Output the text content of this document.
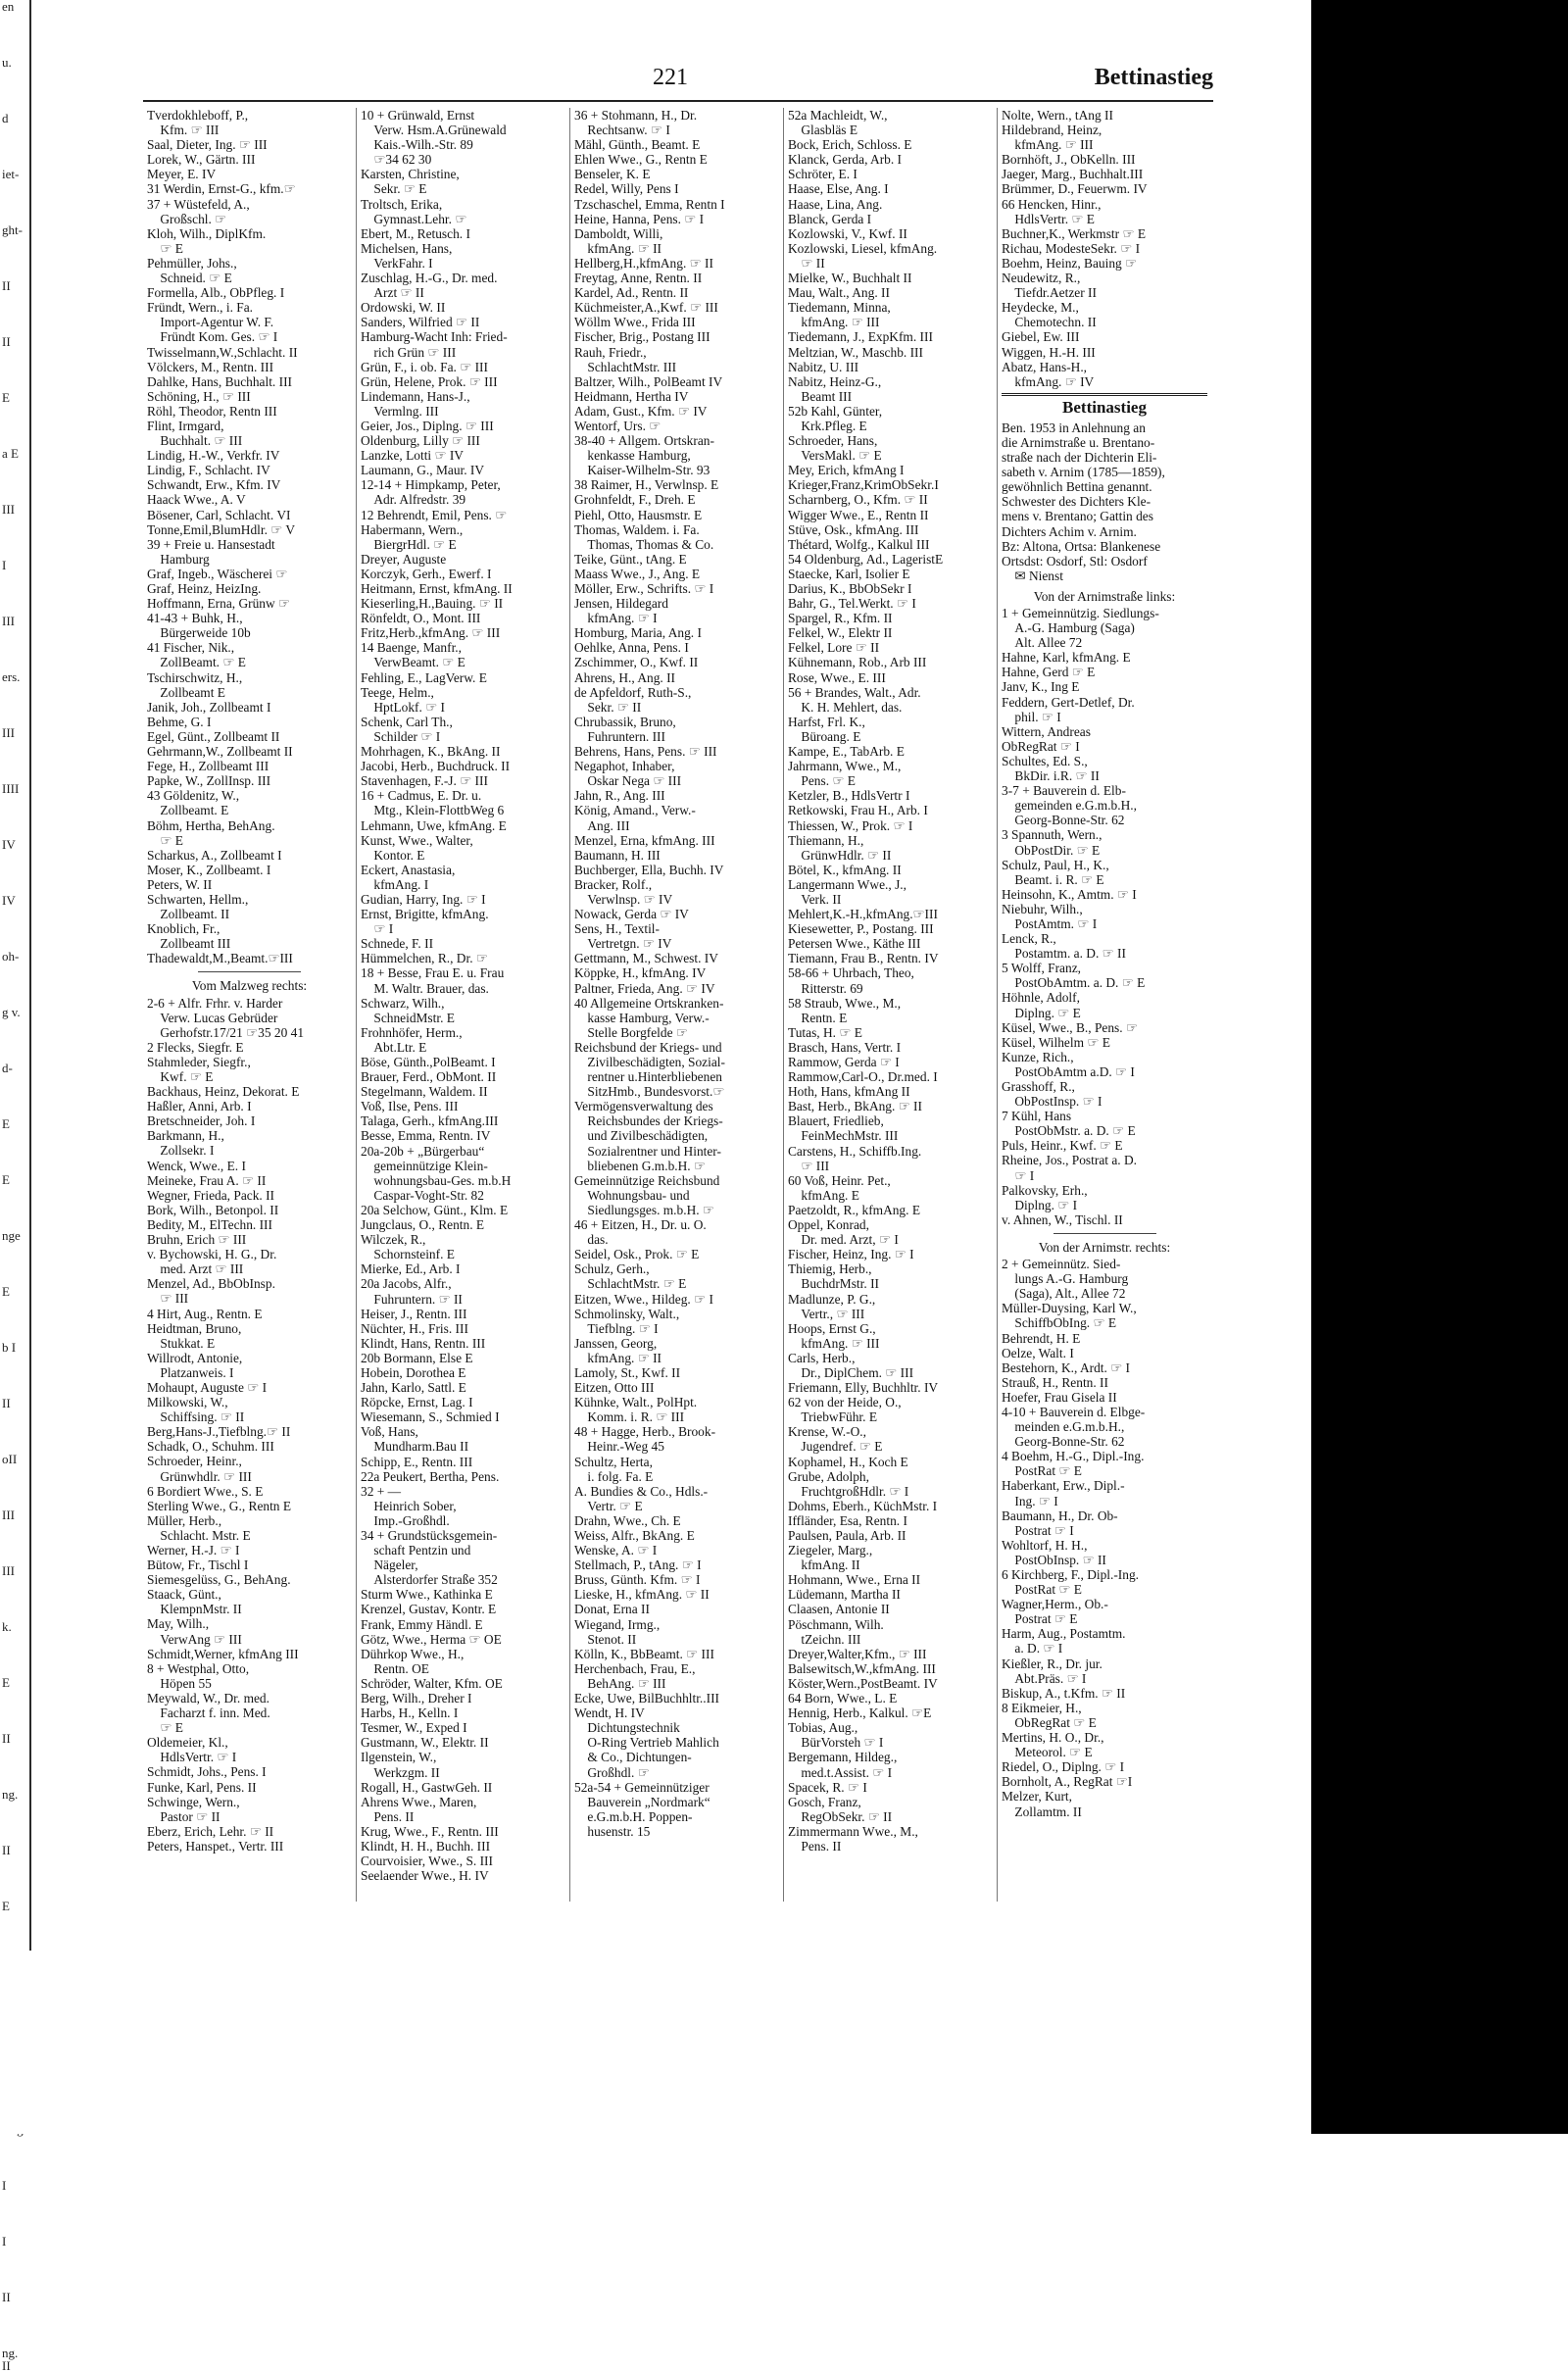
en
u.
d
iet-
ght-
II
II
E
a E
III
I
III
ers.
III
IIII
IV
IV
oh-
g v.
d-
E
E
nge
E
b I
II
oII
III
III
k.
E
II
ng.
II
E
I
I
II
ng. II
221	Bettinastieg
Tverdokhleboff, P.,
 Kfm. ☞ III
Saal, Dieter, Ing. ☞ III
Lorek, W., Gärtn. III
Meyer, E. IV
31 Werdin, Ernst-G., kfm.☞
37 + Wüstefeld, A.,
 Großschl. ☞
Kloh, Wilh., DiplKfm.
 ☞ E
Pehmüller, Johs.,
 Schneid. ☞ E
Formella, Alb., ObPfleg. I
Fründt, Wern., i. Fa.
 Import-Agentur W. F.
 Fründt Kom. Ges. ☞ I
Twisselmann,W.,Schlacht. II
Völckers, M., Rentn. III
Dahlke, Hans, Buchhalt. III
Schöning, H., ☞ III
Röhl, Theodor, Rentn III
Flint, Irmgard,
 Buchhalt. ☞ III
Lindig, H.-W., Verkfr. IV
Lindig, F., Schlacht. IV
Schwandt, Erw., Kfm. IV
Haack Wwe., A. V
Bösener, Carl, Schlacht. VI
Tonne,Emil,BlumHdlr. ☞ V
39 + Freie u. Hansestadt
 Hamburg
Graf, Ingeb., Wäscherei ☞
Graf, Heinz, HeizIng.
Hoffmann, Erna, Grünw ☞
41-43 + Buhk, H.,
 Bürgerweide 10b
41 Fischer, Nik.,
 ZollBeamt. ☞ E
Tschirschwitz, H.,
 Zollbeamt E
Janik, Joh., Zollbeamt I
Behme, G. I
Egel, Günt., Zollbeamt II
Gehrmann,W., Zollbeamt II
Fege, H., Zollbeamt III
Papke, W., ZollInsp. III
43 Göldenitz, W.,
 Zollbeamt. E
Böhm, Hertha, BehAng.
 ☞ E
Scharkus, A., Zollbeamt I
Moser, K., Zollbeamt. I
Peters, W. II
Schwarten, Hellm.,
 Zollbeamt. II
Knoblich, Fr.,
 Zollbeamt III
Thadewaldt,M.,Beamt.☞III
Vom Malzweg rechts:
2-6 + Alfr. Frhr. v. Harder
 Verw. Lucas Gebrüder
 Gerhofstr.17/21 ☞35 20 41
2 Flecks, Siegfr. E
Stahmleder, Siegfr.,
 Kwf. ☞ E
Backhaus, Heinz, Dekorat. E
Haßler, Anni, Arb. I
Bretschneider, Joh. I
Barkmann, H.,
 Zollsekr. I
Wenck, Wwe., E. I
Meineke, Frau A. ☞ II
Wegner, Frieda, Pack. II
Bork, Wilh., Betonpol. II
Bedity, M., ElTechn. III
Bruhn, Erich ☞ III
v. Bychowski, H. G., Dr.
 med. Arzt ☞ III
Menzel, Ad., BbObInsp.
 ☞ III
4 Hirt, Aug., Rentn. E
Heidtman, Bruno,
 Stukkat. E
Willrodt, Antonie,
 Platzanweis. I
Mohaupt, Auguste ☞ I
Milkowski, W.,
 Schiffsing. ☞ II
Berg,Hans-J.,Tiefblng.☞ II
Schadk, O., Schuhm. III
Schroeder, Heinr.,
 Grünwhdlr. ☞ III
6 Bordiert Wwe., S. E
Sterling Wwe., G., Rentn E
Müller, Herb.,
 Schlacht. Mstr. E
Werner, H.-J. ☞ I
Bütow, Fr., Tischl I
Siemesgelüss, G., BehAng.
Staack, Günt.,
 KlempnMstr. II
May, Wilh.,
 VerwAng ☞ III
Schmidt,Werner, kfmAng III
8 + Westphal, Otto,
 Höpen 55
Meywald, W., Dr. med.
 Facharzt f. inn. Med.
 ☞ E
Oldemeier, Kl.,
 HdlsVertr. ☞ I
Schmidt, Johs., Pens. I
Funke, Karl, Pens. II
Schwinge, Wern.,
 Pastor ☞ II
Eberz, Erich, Lehr. ☞ II
Peters, Hanspet., Vertr. III
10 + Grünwald, Ernst
 Verw. Hsm.A.Grünewald
 Kais.-Wilh.-Str. 89
 ☞34 62 30
Karsten, Christine,
 Sekr. ☞ E
Troltsch, Erika,
 Gymnast.Lehr. ☞
Ebert, M., Retusch. I
Michelsen, Hans,
 VerkFahr. I
Zuschlag, H.-G., Dr. med.
 Arzt ☞ II
Ordowski, W. II
Sanders, Wilfried ☞ II
Hamburg-Wacht Inh: Fried-
 rich Grün ☞ III
Grün, F., i. ob. Fa. ☞ III
Grün, Helene, Prok. ☞ III
Lindemann, Hans-J.,
 Vermlng. III
Geier, Jos., Diplng. ☞ III
Oldenburg, Lilly ☞ III
Lanzke, Lotti ☞ IV
Laumann, G., Maur. IV
12-14 + Himpkamp, Peter,
 Adr. Alfredstr. 39
12 Behrendt, Emil, Pens. ☞
Habermann, Wern.,
 BiergrHdl. ☞ E
Dreyer, Auguste
Korczyk, Gerh., Ewerf. I
Heitmann, Ernst, kfmAng. II
Kieserling,H.,Bauing. ☞ II
Rönfeldt, O., Mont. III
Fritz,Herb.,kfmAng. ☞ III
14 Baenge, Manfr.,
 VerwBeamt. ☞ E
Fehling, E., LagVerw. E
Teege, Helm.,
 HptLokf. ☞ I
Schenk, Carl Th.,
 Schilder ☞ I
Mohrhagen, K., BkAng. II
Jacobi, Herb., Buchdruck. II
Stavenhagen, F.-J. ☞ III
16 + Cadmus, E. Dr. u.
 Mtg., Klein-FlottbWeg 6
Lehmann, Uwe, kfmAng. E
Kunst, Wwe., Walter,
 Kontor. E
Eckert, Anastasia,
 kfmAng. I
Gudian, Harry, Ing. ☞ I
Ernst, Brigitte, kfmAng.
 ☞ I
Schnede, F. II
Hümmelchen, R., Dr. ☞
18 + Besse, Frau E. u. Frau
 M. Waltr. Brauer, das.
Schwarz, Wilh.,
 SchneidMstr. E
Frohnhöfer, Herm.,
 Abt.Ltr. E
Böse, Günth.,PolBeamt. I
Brauer, Ferd., ObMont. II
Stegelmann, Waldem. II
Voß, Ilse, Pens. III
Talaga, Gerh., kfmAng.III
Besse, Emma, Rentn. IV
20a-20b + „Bürgerbau“
 gemeinnützige Klein-
 wohnungsbau-Ges. m.b.H
 Caspar-Voght-Str. 82
20a Selchow, Günt., Klm. E
Jungclaus, O., Rentn. E
Wilczek, R.,
 Schornsteinf. E
Mierke, Ed., Arb. I
20a Jacobs, Alfr.,
 Fuhruntern. ☞ II
Heiser, J., Rentn. III
Nüchter, H., Fris. III
Klindt, Hans, Rentn. III
20b Bormann, Else E
Hobein, Dorothea E
Jahn, Karlo, Sattl. E
Röpcke, Ernst, Lag. I
Wiesemann, S., Schmied I
Voß, Hans,
 Mundharm.Bau II
Schipp, E., Rentn. III
22a Peukert, Bertha, Pens.
32 + —
 Heinrich Sober,
 Imp.-Großhdl.
34 + Grundstücksgemein-
 schaft Pentzin und
 Nägeler,
 Alsterdorfer Straße 352
Sturm Wwe., Kathinka E
Krenzel, Gustav, Kontr. E
Frank, Emmy Händl. E
Götz, Wwe., Herma ☞ OE
Dührkop Wwe., H.,
 Rentn. OE
Schröder, Walter, Kfm. OE
Berg, Wilh., Dreher I
Harbs, H., Kelln. I
Tesmer, W., Exped I
Gustmann, W., Elektr. II
Ilgenstein, W.,
 Werkzgm. II
Rogall, H., GastwGeh. II
Ahrens Wwe., Maren,
 Pens. II
Krug, Wwe., F., Rentn. III
Klindt, H. H., Buchh. III
Courvoisier, Wwe., S. III
Seelaender Wwe., H. IV
36 + Stohmann, H., Dr.
 Rechtsanw. ☞ I
Mähl, Günth., Beamt. E
Ehlen Wwe., G., Rentn E
Benseler, K. E
Redel, Willy, Pens I
Tzschaschel, Emma, Rentn I
Heine, Hanna, Pens. ☞ I
Damboldt, Willi,
 kfmAng. ☞ II
Hellberg,H.,kfmAng. ☞ II
Freytag, Anne, Rentn. II
Kardel, Ad., Rentn. II
Küchmeister,A.,Kwf. ☞ III
Wöllm Wwe., Frida III
Fischer, Brig., Postang III
Rauh, Friedr.,
 SchlachtMstr. III
Baltzer, Wilh., PolBeamt IV
Heidmann, Hertha IV
Adam, Gust., Kfm. ☞ IV
Wentorf, Urs. ☞
38-40 + Allgem. Ortskran-
 kenkasse Hamburg,
 Kaiser-Wilhelm-Str. 93
38 Raimer, H., Verwlnsp. E
Grohnfeldt, F., Dreh. E
Piehl, Otto, Hausmstr. E
Thomas, Waldem. i. Fa.
 Thomas, Thomas & Co.
Teike, Günt., tAng. E
Maass Wwe., J., Ang. E
Möller, Erw., Schrifts. ☞ I
Jensen, Hildegard
 kfmAng. ☞ I
Homburg, Maria, Ang. I
Oehlke, Anna, Pens. I
Zschimmer, O., Kwf. II
Ahrens, H., Ang. II
de Apfeldorf, Ruth-S.,
 Sekr. ☞ II
Chrubassik, Bruno,
 Fuhruntern. III
Behrens, Hans, Pens. ☞ III
Negaphot, Inhaber,
 Oskar Nega ☞ III
Jahn, R., Ang. III
König, Amand., Verw.-
 Ang. III
Menzel, Erna, kfmAng. III
Baumann, H. III
Buchberger, Ella, Buchh. IV
Bracker, Rolf.,
 Verwlnsp. ☞ IV
Nowack, Gerda ☞ IV
Sens, H., Textil-
 Vertretgn. ☞ IV
Gettmann, M., Schwest. IV
Köppke, H., kfmAng. IV
Paltner, Frieda, Ang. ☞ IV
40 Allgemeine Ortskranken-
 kasse Hamburg, Verw.-
 Stelle Borgfelde ☞
Reichsbund der Kriegs- und
 Zivilbeschädigten, Sozial-
 rentner u.Hinterbliebenen
 SitzHmb., Bundesvorst.☞
Vermögensverwaltung des
 Reichsbundes der Kriegs-
 und Zivilbeschädigten,
 Sozialrentner und Hinter-
 bliebenen G.m.b.H. ☞
Gemeinnützige Reichsbund
 Wohnungsbau- und
 Siedlungsges. m.b.H. ☞
46 + Eitzen, H., Dr. u. O.
 das.
Seidel, Osk., Prok. ☞ E
Schulz, Gerh.,
 SchlachtMstr. ☞ E
Eitzen, Wwe., Hildeg. ☞ I
Schmolinsky, Walt.,
 Tiefblng. ☞ I
Janssen, Georg,
 kfmAng. ☞ II
Lamoly, St., Kwf. II
Eitzen, Otto III
Kühnke, Walt., PolHpt.
 Komm. i. R. ☞ III
48 + Hagge, Herb., Brook-
 Heinr.-Weg 45
Schultz, Herta,
 i. folg. Fa. E
A. Bundies & Co., Hdls.-
 Vertr. ☞ E
Drahn, Wwe., Ch. E
Weiss, Alfr., BkAng. E
Wenske, A. ☞ I
Stellmach, P., tAng. ☞ I
Bruss, Günth. Kfm. ☞ I
Lieske, H., kfmAng. ☞ II
Donat, Erna II
Wiegand, Irmg.,
 Stenot. II
Kölln, K., BbBeamt. ☞ III
Herchenbach, Frau, E.,
 BehAng. ☞ III
Ecke, Uwe, BilBuchhltr..III
Wendt, H. IV
 Dichtungstechnik
 O-Ring Vertrieb Mahlich
 & Co., Dichtungen-
 Großhdl. ☞
52a-54 + Gemeinnütziger
 Bauverein „Nordmark“
 e.G.m.b.H. Poppen-
 husenstr. 15
52a Machleidt, W.,
 Glasbläs E
Bock, Erich, Schloss. E
Klanck, Gerda, Arb. I
Schröter, E. I
Haase, Else, Ang. I
Haase, Lina, Ang.
Blanck, Gerda I
Kozlowski, V., Kwf. II
Kozlowski, Liesel, kfmAng.
 ☞ II
Mielke, W., Buchhalt II
Mau, Walt., Ang. II
Tiedemann, Minna,
 kfmAng. ☞ III
Tiedemann, J., ExpKfm. III
Meltzian, W., Maschb. III
Nabitz, U. III
Nabitz, Heinz-G.,
 Beamt III
52b Kahl, Günter,
 Krk.Pfleg. E
Schroeder, Hans,
 VersMakl. ☞ E
Mey, Erich, kfmAng I
Krieger,Franz,KrimObSekr.I
Scharnberg, O., Kfm. ☞ II
Wigger Wwe., E., Rentn II
Stüve, Osk., kfmAng. III
Thétard, Wolfg., Kalkul III
54 Oldenburg, Ad., LageristE
Staecke, Karl, Isolier E
Darius, K., BbObSekr I
Bahr, G., Tel.Werkt. ☞ I
Spargel, R., Kfm. II
Felkel, W., Elektr II
Felkel, Lore ☞ II
Kühnemann, Rob., Arb III
Rose, Wwe., E. III
56 + Brandes, Walt., Adr.
 K. H. Mehlert, das.
Harfst, Frl. K.,
 Büroang. E
Kampe, E., TabArb. E
Jahrmann, Wwe., M.,
 Pens. ☞ E
Ketzler, B., HdlsVertr I
Retkowski, Frau H., Arb. I
Thiessen, W., Prok. ☞ I
Thiemann, H.,
 GrünwHdlr. ☞ II
Bötel, K., kfmAng. II
Langermann Wwe., J.,
 Verk. II
Mehlert,K.-H.,kfmAng.☞III
Kiesewetter, P., Postang. III
Petersen Wwe., Käthe III
Tiemann, Frau B., Rentn. IV
58-66 + Uhrbach, Theo,
 Ritterstr. 69
58 Straub, Wwe., M.,
 Rentn. E
Tutas, H. ☞ E
Brasch, Hans, Vertr. I
Rammow, Gerda ☞ I
Rammow,Carl-O., Dr.med. I
Hoth, Hans, kfmAng II
Bast, Herb., BkAng. ☞ II
Blauert, Friedlieb,
 FeinMechMstr. III
Carstens, H., Schiffb.Ing.
 ☞ III
60 Voß, Heinr. Pet.,
 kfmAng. E
Paetzoldt, R., kfmAng. E
Oppel, Konrad,
 Dr. med. Arzt, ☞ I
Fischer, Heinz, Ing. ☞ I
Thiemig, Herb.,
 BuchdrMstr. II
Madlunze, P. G.,
 Vertr., ☞ III
Hoops, Ernst G.,
 kfmAng. ☞ III
Carls, Herb.,
 Dr., DiplChem. ☞ III
Friemann, Elly, Buchhltr. IV
62 von der Heide, O.,
 TriebwFühr. E
Krense, W.-O.,
 Jugendref. ☞ E
Kophamel, H., Koch E
Grube, Adolph,
 FruchtgroßHdlr. ☞ I
Dohms, Eberh., KüchMstr. I
Iffländer, Esa, Rentn. I
Paulsen, Paula, Arb. II
Ziegeler, Marg.,
 kfmAng. II
Hohmann, Wwe., Erna II
Lüdemann, Martha II
Claasen, Antonie II
Pöschmann, Wilh.
 tZeichn. III
Dreyer,Walter,Kfm., ☞ III
Balsewitsch,W.,kfmAng. III
Köster,Wern.,PostBeamt. IV
64 Born, Wwe., L. E
Hennig, Herb., Kalkul. ☞E
Tobias, Aug.,
 BürVorsteh ☞ I
Bergemann, Hildeg.,
 med.t.Assist. ☞ I
Spacek, R. ☞ I
Gosch, Franz,
 RegObSekr. ☞ II
Zimmermann Wwe., M.,
 Pens. II
Nolte, Wern., tAng II
Hildebrand, Heinz,
 kfmAng. ☞ III
Bornhöft, J., ObKelln. III
Jaeger, Marg., Buchhalt.III
Brümmer, D., Feuerwm. IV
66 Hencken, Hinr.,
 HdlsVertr. ☞ E
Buchner,K., Werkmstr ☞ E
Richau, ModesteSekr. ☞ I
Boehm, Heinz, Bauing ☞
Neudewitz, R.,
 Tiefdr.Aetzer II
Heydecke, M.,
 Chemotechn. II
Giebel, Ew. III
Wiggen, H.-H. III
Abatz, Hans-H.,
 kfmAng. ☞ IV
Bettinastieg
Ben. 1953 in Anlehnung an
die Arnimstraße u. Brentano-
straße nach der Dichterin Eli-
sabeth v. Arnim (1785—1859),
gewöhnlich Bettina genannt.
Schwester des Dichters Kle-
mens v. Brentano; Gattin des
Dichters Achim v. Arnim.
Bz: Altona, Ortsa: Blankenese
Ortsdst: Osdorf, Stl: Osdorf
 ✉ Nienst
Von der Arnimstraße links:
1 + Gemeinnützig. Siedlungs-
 A.-G. Hamburg (Saga)
 Alt. Allee 72
Hahne, Karl, kfmAng. E
Hahne, Gerd ☞ E
Janv, K., Ing E
Feddern, Gert-Detlef, Dr.
 phil. ☞ I
Wittern, Andreas
ObRegRat ☞ I
Schultes, Ed. S.,
 BkDir. i.R. ☞ II
3-7 + Bauverein d. Elb-
 gemeinden e.G.m.b.H.,
 Georg-Bonne-Str. 62
3 Spannuth, Wern.,
 ObPostDir. ☞ E
Schulz, Paul, H., K.,
 Beamt. i. R. ☞ E
Heinsohn, K., Amtm. ☞ I
Niebuhr, Wilh.,
 PostAmtm. ☞ I
Lenck, R.,
 Postamtm. a. D. ☞ II
5 Wolff, Franz,
 PostObAmtm. a. D. ☞ E
Höhnle, Adolf,
 Diplng. ☞ E
Küsel, Wwe., B., Pens. ☞
Küsel, Wilhelm ☞ E
Kunze, Rich.,
 PostObAmtm a.D. ☞ I
Grasshoff, R.,
 ObPostInsp. ☞ I
7 Kühl, Hans
 PostObMstr. a. D. ☞ E
Puls, Heinr., Kwf. ☞ E
Rheine, Jos., Postrat a. D.
 ☞ I
Palkovsky, Erh.,
 Diplng. ☞ I
v. Ahnen, W., Tischl. II
Von der Arnimstr. rechts:
2 + Gemeinnütz. Sied-
 lungs A.-G. Hamburg
 (Saga), Alt., Allee 72
Müller-Duysing, Karl W.,
 SchiffbObIng. ☞ E
Behrendt, H. E
Oelze, Walt. I
Bestehorn, K., Ardt. ☞ I
Strauß, H., Rentn. II
Hoefer, Frau Gisela II
4-10 + Bauverein d. Elbge-
 meinden e.G.m.b.H.,
 Georg-Bonne-Str. 62
4 Boehm, H.-G., Dipl.-Ing.
 PostRat ☞ E
Haberkant, Erw., Dipl.-
 Ing. ☞ I
Baumann, H., Dr. Ob-
 Postrat ☞ I
Wohltorf, H. H.,
 PostObInsp. ☞ II
6 Kirchberg, F., Dipl.-Ing.
 PostRat ☞ E
Wagner,Herm., Ob.-
 Postrat ☞ E
Harm, Aug., Postamtm.
 a. D. ☞ I
Kießler, R., Dr. jur.
 Abt.Präs. ☞ I
Biskup, A., t.Kfm. ☞ II
8 Eikmeier, H.,
 ObRegRat ☞ E
Mertins, H. O., Dr.,
 Meteorol. ☞ E
Riedel, O., Diplng. ☞ I
Bornholt, A., RegRat ☞I
Melzer, Kurt,
 Zollamtm. II
